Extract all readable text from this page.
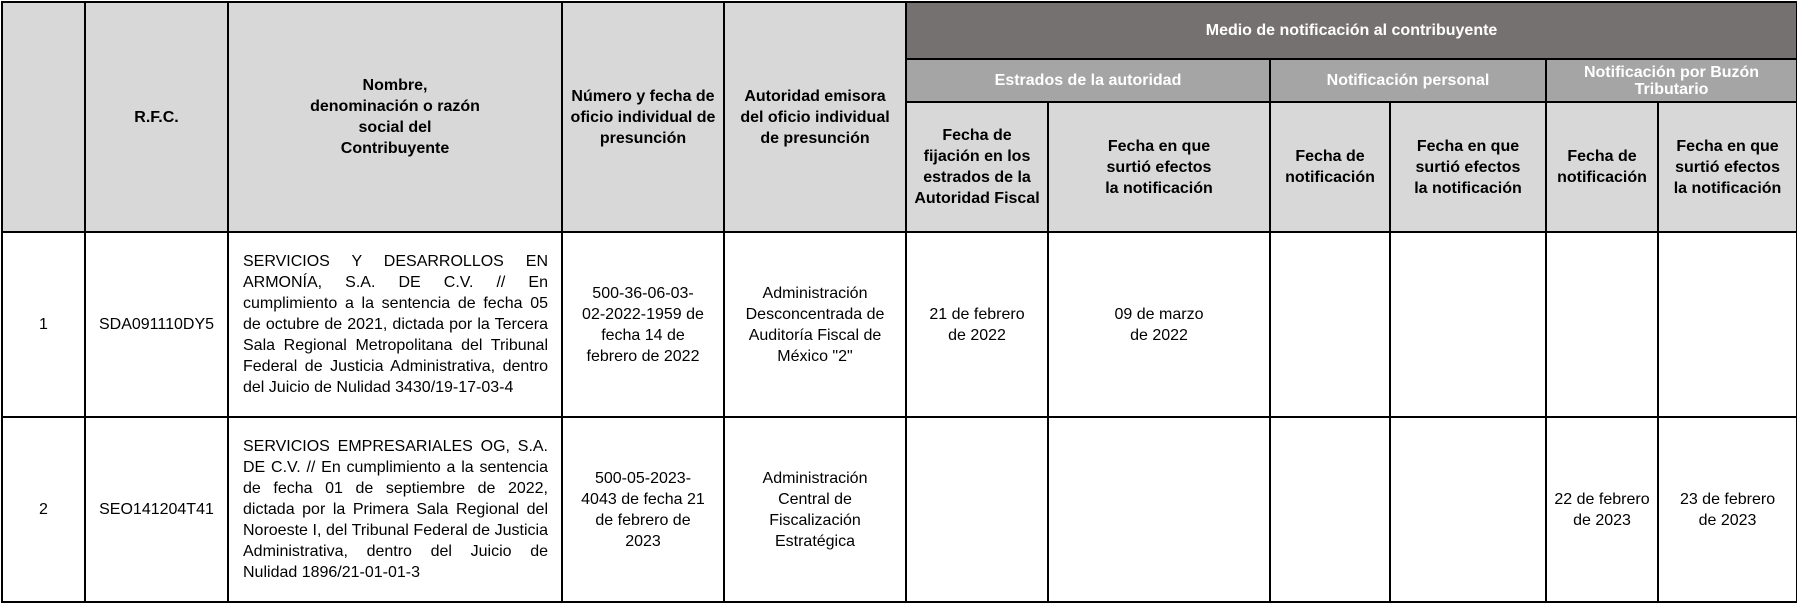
	R.F.C.	Nombre, denominación o razón social del Contribuyente	Número y fecha de oficio individual de presunción	Autoridad emisora del oficio individual de presunción	Medio de notificación al contribuyente					
					Estrados de la autoridad		Notificación personal		Notificación por Buzón Tributario	
					Fecha de fijación en los estrados de la Autoridad Fiscal	Fecha en que surtió efectos la notificación	Fecha de notificación	Fecha en que surtió efectos la notificación	Fecha de notificación	Fecha en que surtió efectos la notificación
1	SDA091110DY5	SERVICIOS Y DESARROLLOS EN ARMONÍA, S.A. DE C.V. // En cumplimiento a la sentencia de fecha 05 de octubre de 2021, dictada por la Tercera Sala Regional Metropolitana del Tribunal Federal de Justicia Administrativa, dentro del Juicio de Nulidad 3430/19-17-03-4	500-36-06-03-02-2022-1959 de fecha 14 de febrero de 2022	Administración Desconcentrada de Auditoría Fiscal de México "2"	21 de febrero de 2022	09 de marzo de 2022				
2	SEO141204T41	SERVICIOS EMPRESARIALES OG, S.A. DE C.V. // En cumplimiento a la sentencia de fecha 01 de septiembre de 2022, dictada por la Primera Sala Regional del Noroeste I, del Tribunal Federal de Justicia Administrativa, dentro del Juicio de Nulidad 1896/21-01-01-3	500-05-2023-4043 de fecha 21 de febrero de 2023	Administración Central de Fiscalización Estratégica					22 de febrero de 2023	23 de febrero de 2023
